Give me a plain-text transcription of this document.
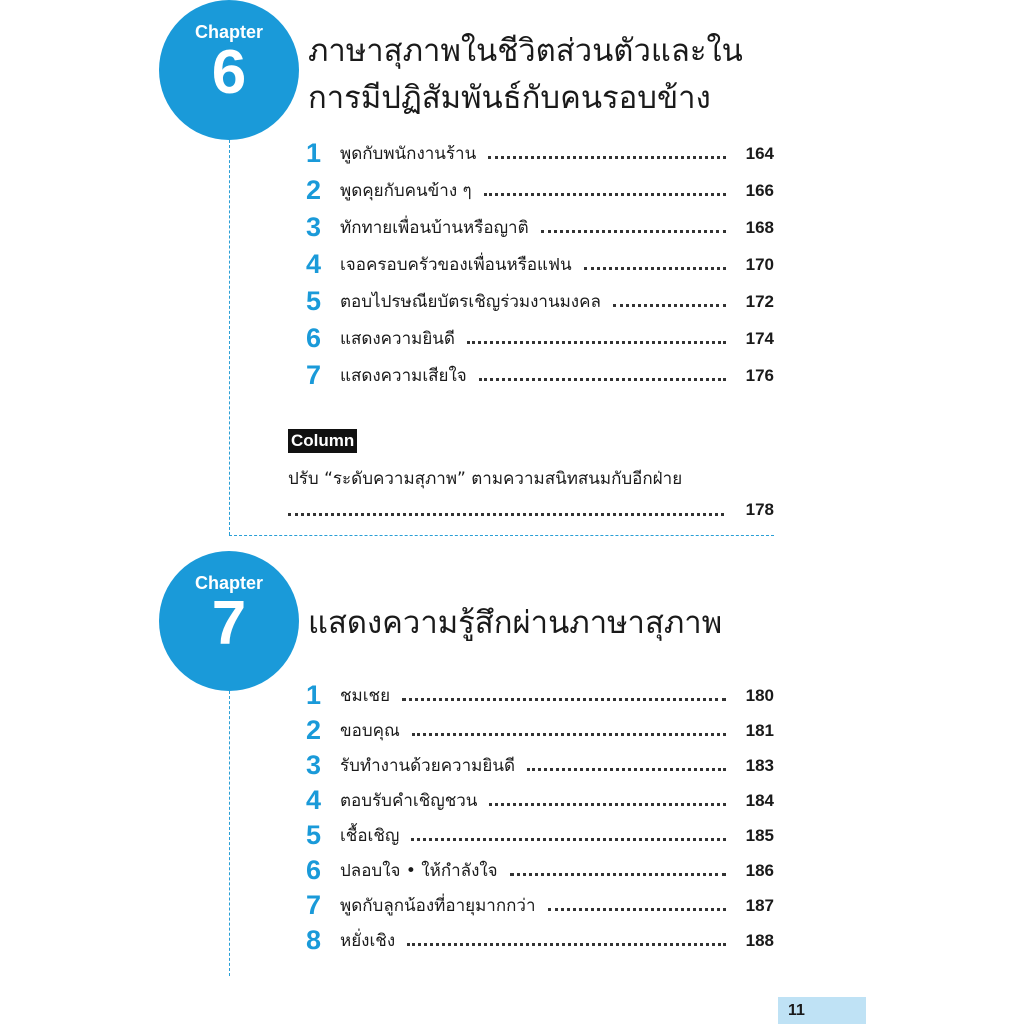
Chapter
6	ภาษาสุภาพในชีวิตส่วนตัวและใน
การมีปฏิสัมพันธ์กับคนรอบข้าง
1	พูดกับพนักงานร้าน	164
2	พูดคุยกับคนข้าง ๆ	166
3	ทักทายเพื่อนบ้านหรือญาติ	168
4	เจอครอบครัวของเพื่อนหรือแฟน	170
5	ตอบไปรษณียบัตรเชิญร่วมงานมงคล	172
6	แสดงความยินดี	174
7	แสดงความเสียใจ	176
Column
ปรับ “ระดับความสุภาพ” ตามความสนิทสนมกับอีกฝ่าย
178
Chapter
7	แสดงความรู้สึกผ่านภาษาสุภาพ
1	ชมเชย	180
2	ขอบคุณ	181
3	รับทำงานด้วยความยินดี	183
4	ตอบรับคำเชิญชวน	184
5	เชื้อเชิญ	185
6	ปลอบใจ • ให้กำลังใจ	186
7	พูดกับลูกน้องที่อายุมากกว่า	187
8	หยั่งเชิง	188
11
